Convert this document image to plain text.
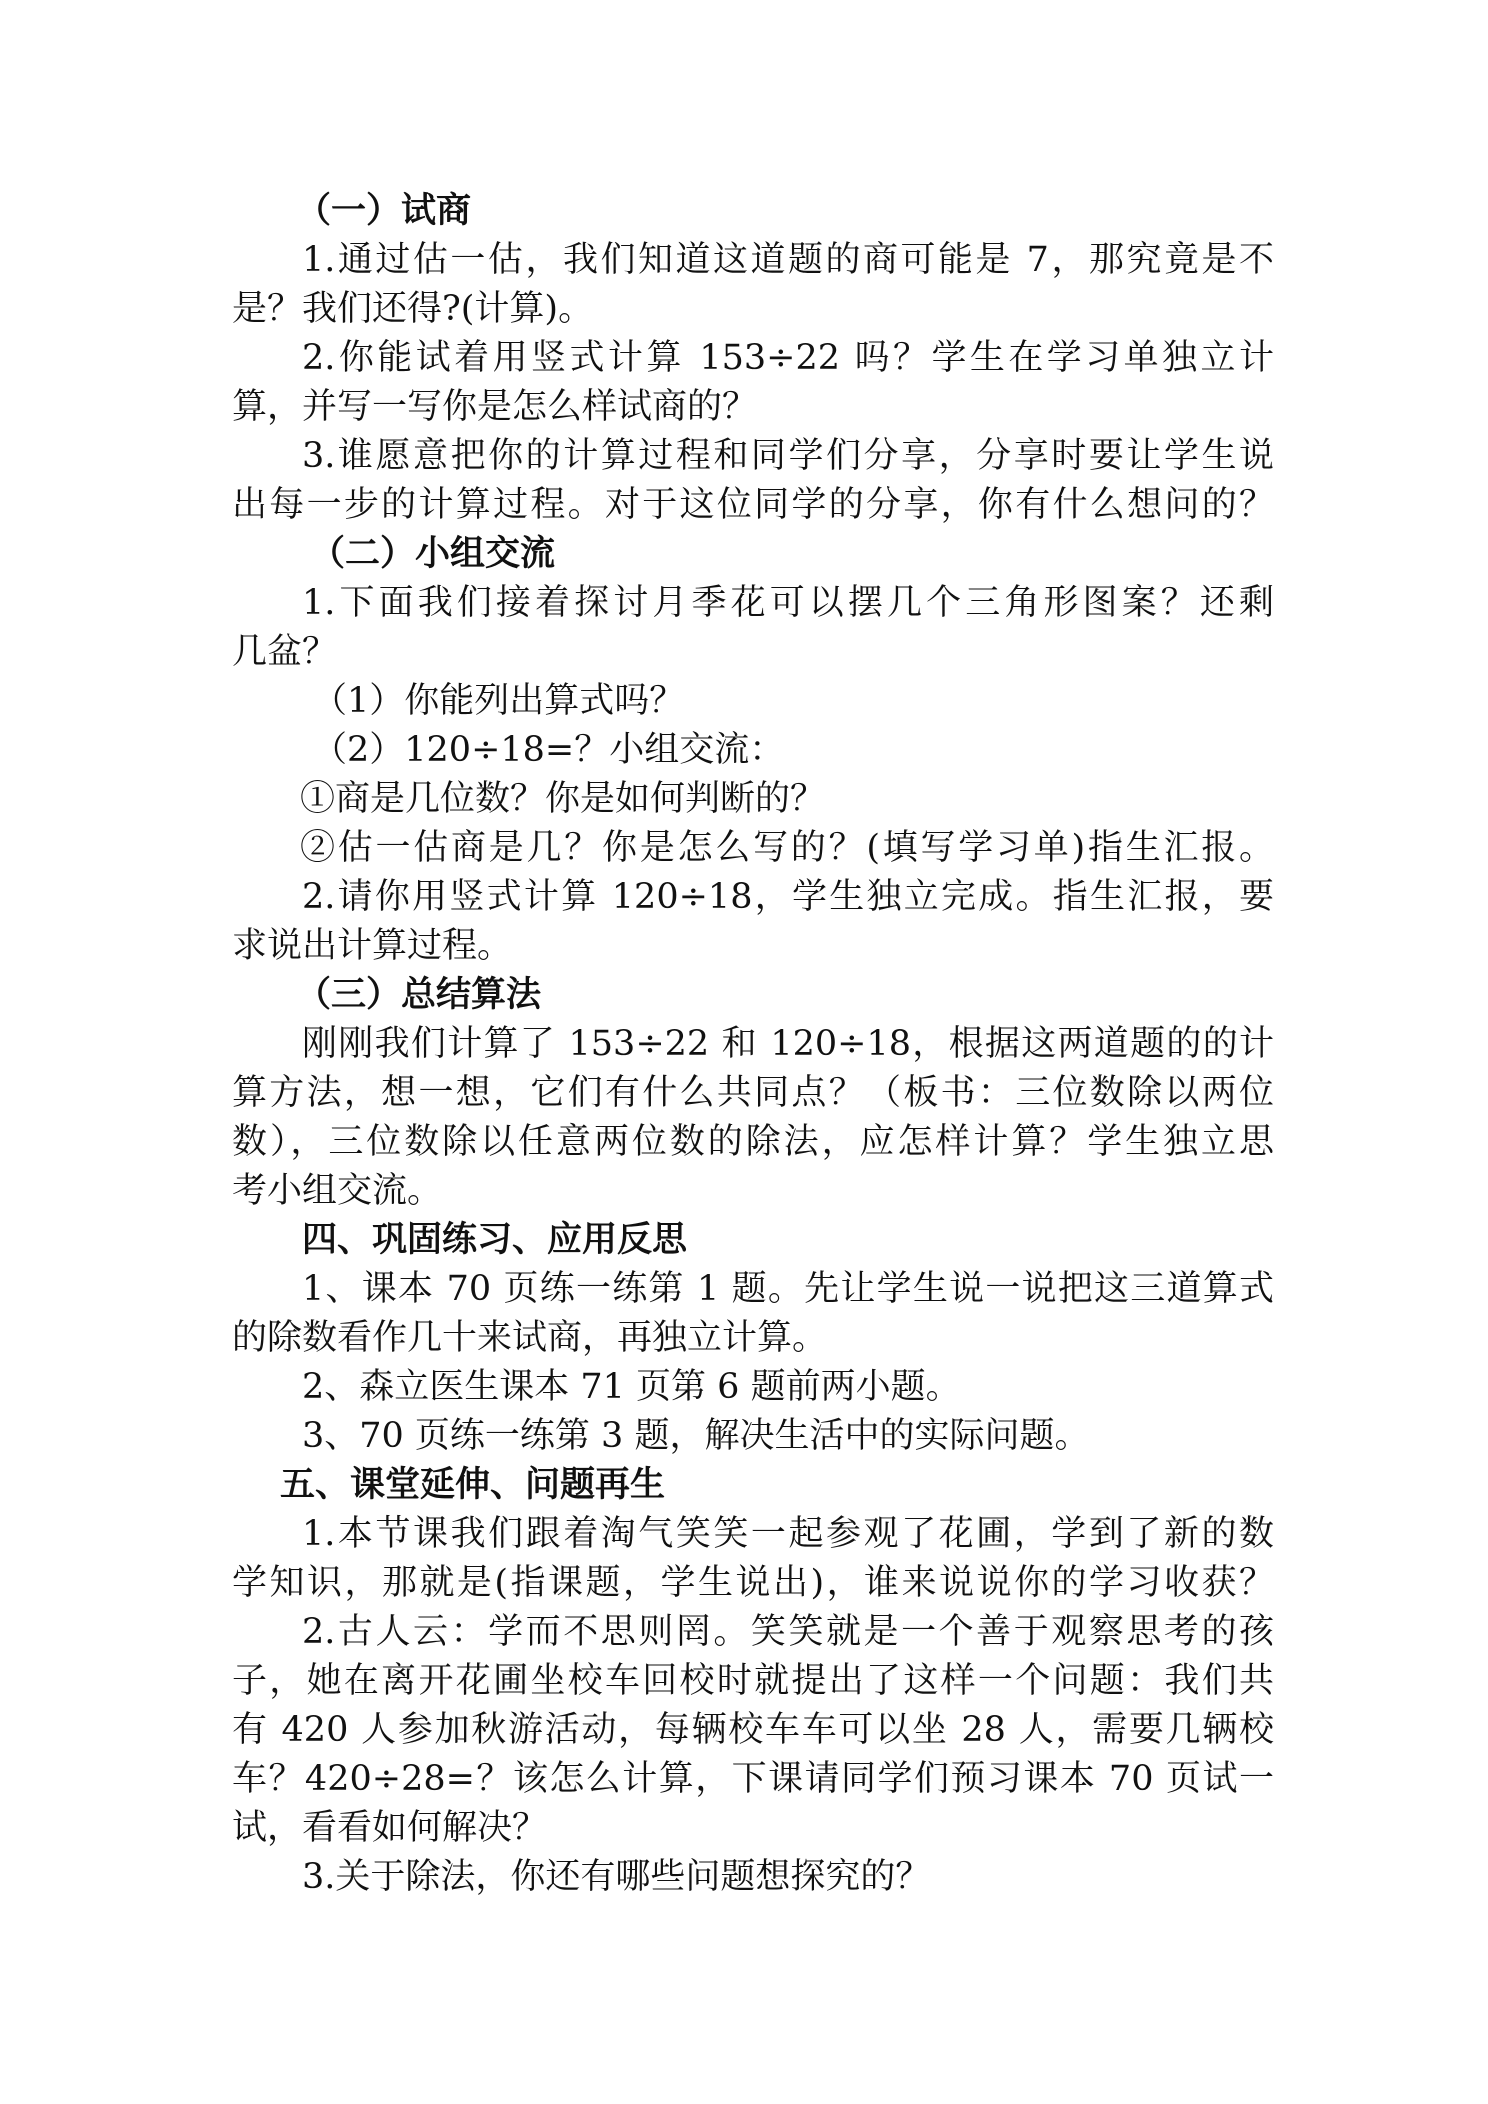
（一）试商
1.通过估一估，我们知道这道题的商可能是 7，那究竟是不
是？我们还得?(计算)。
2.你能试着用竖式计算 153÷22 吗？学生在学习单独立计
算，并写一写你是怎么样试商的？
3.谁愿意把你的计算过程和同学们分享，分享时要让学生说
出每一步的计算过程。对于这位同学的分享，你有什么想问的？
（二）小组交流
1.下面我们接着探讨月季花可以摆几个三角形图案？还剩
几盆？
（1）你能列出算式吗？
（2）120÷18=？小组交流：
①商是几位数？你是如何判断的？
②估一估商是几？你是怎么写的？(填写学习单)指生汇报。
2.请你用竖式计算 120÷18，学生独立完成。指生汇报，要
求说出计算过程。
（三）总结算法
刚刚我们计算了 153÷22 和 120÷18，根据这两道题的的计
算方法，想一想，它们有什么共同点？（板书：三位数除以两位
数），三位数除以任意两位数的除法，应怎样计算？学生独立思
考小组交流。
四、巩固练习、应用反思
1、课本 70 页练一练第 1 题。先让学生说一说把这三道算式
的除数看作几十来试商，再独立计算。
2、森立医生课本 71 页第 6 题前两小题。
3、70 页练一练第 3 题，解决生活中的实际问题。
五、课堂延伸、问题再生
1.本节课我们跟着淘气笑笑一起参观了花圃，学到了新的数
学知识，那就是(指课题，学生说出)，谁来说说你的学习收获？
2.古人云：学而不思则罔。笑笑就是一个善于观察思考的孩
子，她在离开花圃坐校车回校时就提出了这样一个问题：我们共
有 420 人参加秋游活动，每辆校车车可以坐 28 人，需要几辆校
车？420÷28=？该怎么计算，下课请同学们预习课本 70 页试一
试，看看如何解决？
3.关于除法，你还有哪些问题想探究的？
